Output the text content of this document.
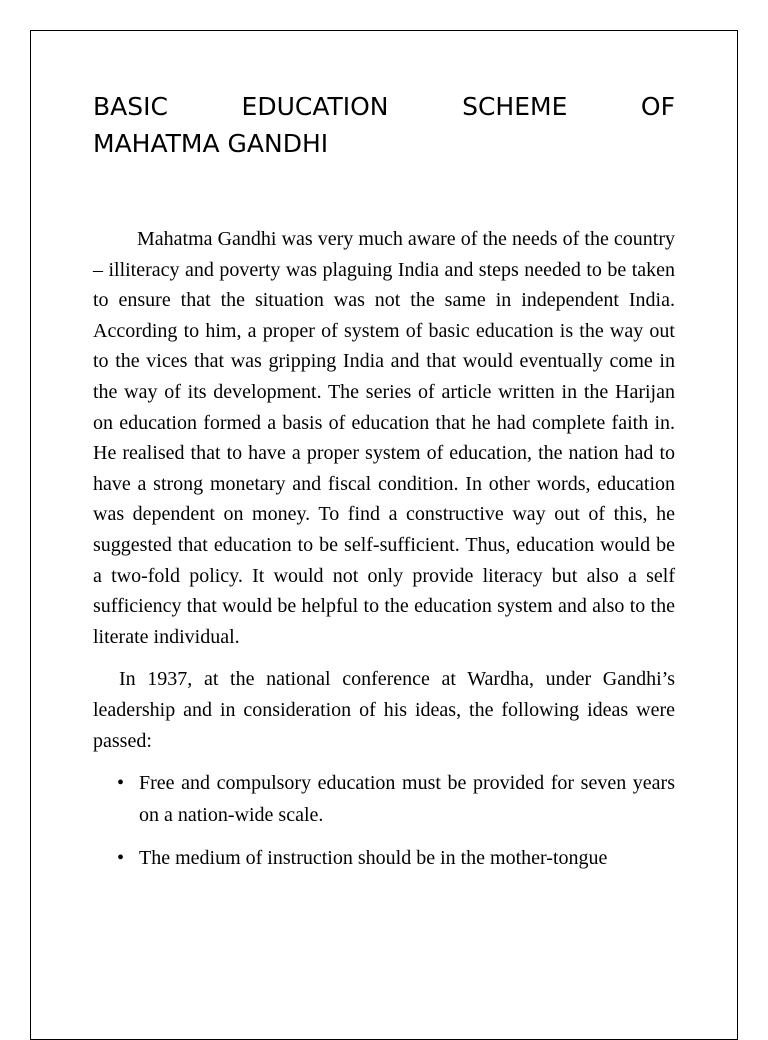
BASIC EDUCATION SCHEME OF
MAHATMA GANDHI

Mahatma Gandhi was very much aware of the needs of the country – illiteracy and poverty was plaguing India and steps needed to be taken to ensure that the situation was not the same in independent India. According to him, a proper of system of basic education is the way out to the vices that was gripping India and that would eventually come in the way of its development. The series of article written in the Harijan on education formed a basis of education that he had complete faith in. He realised that to have a proper system of education, the nation had to have a strong monetary and fiscal condition. In other words, education was dependent on money. To find a constructive way out of this, he suggested that education to be self-sufficient. Thus, education would be a two-fold policy. It would not only provide literacy but also a self sufficiency that would be helpful to the education system and also to the literate individual.

In 1937, at the national conference at Wardha, under Gandhi’s leadership and in consideration of his ideas, the following ideas were passed:

• Free and compulsory education must be provided for seven years on a nation-wide scale.
• The medium of instruction should be in the mother-tongue
